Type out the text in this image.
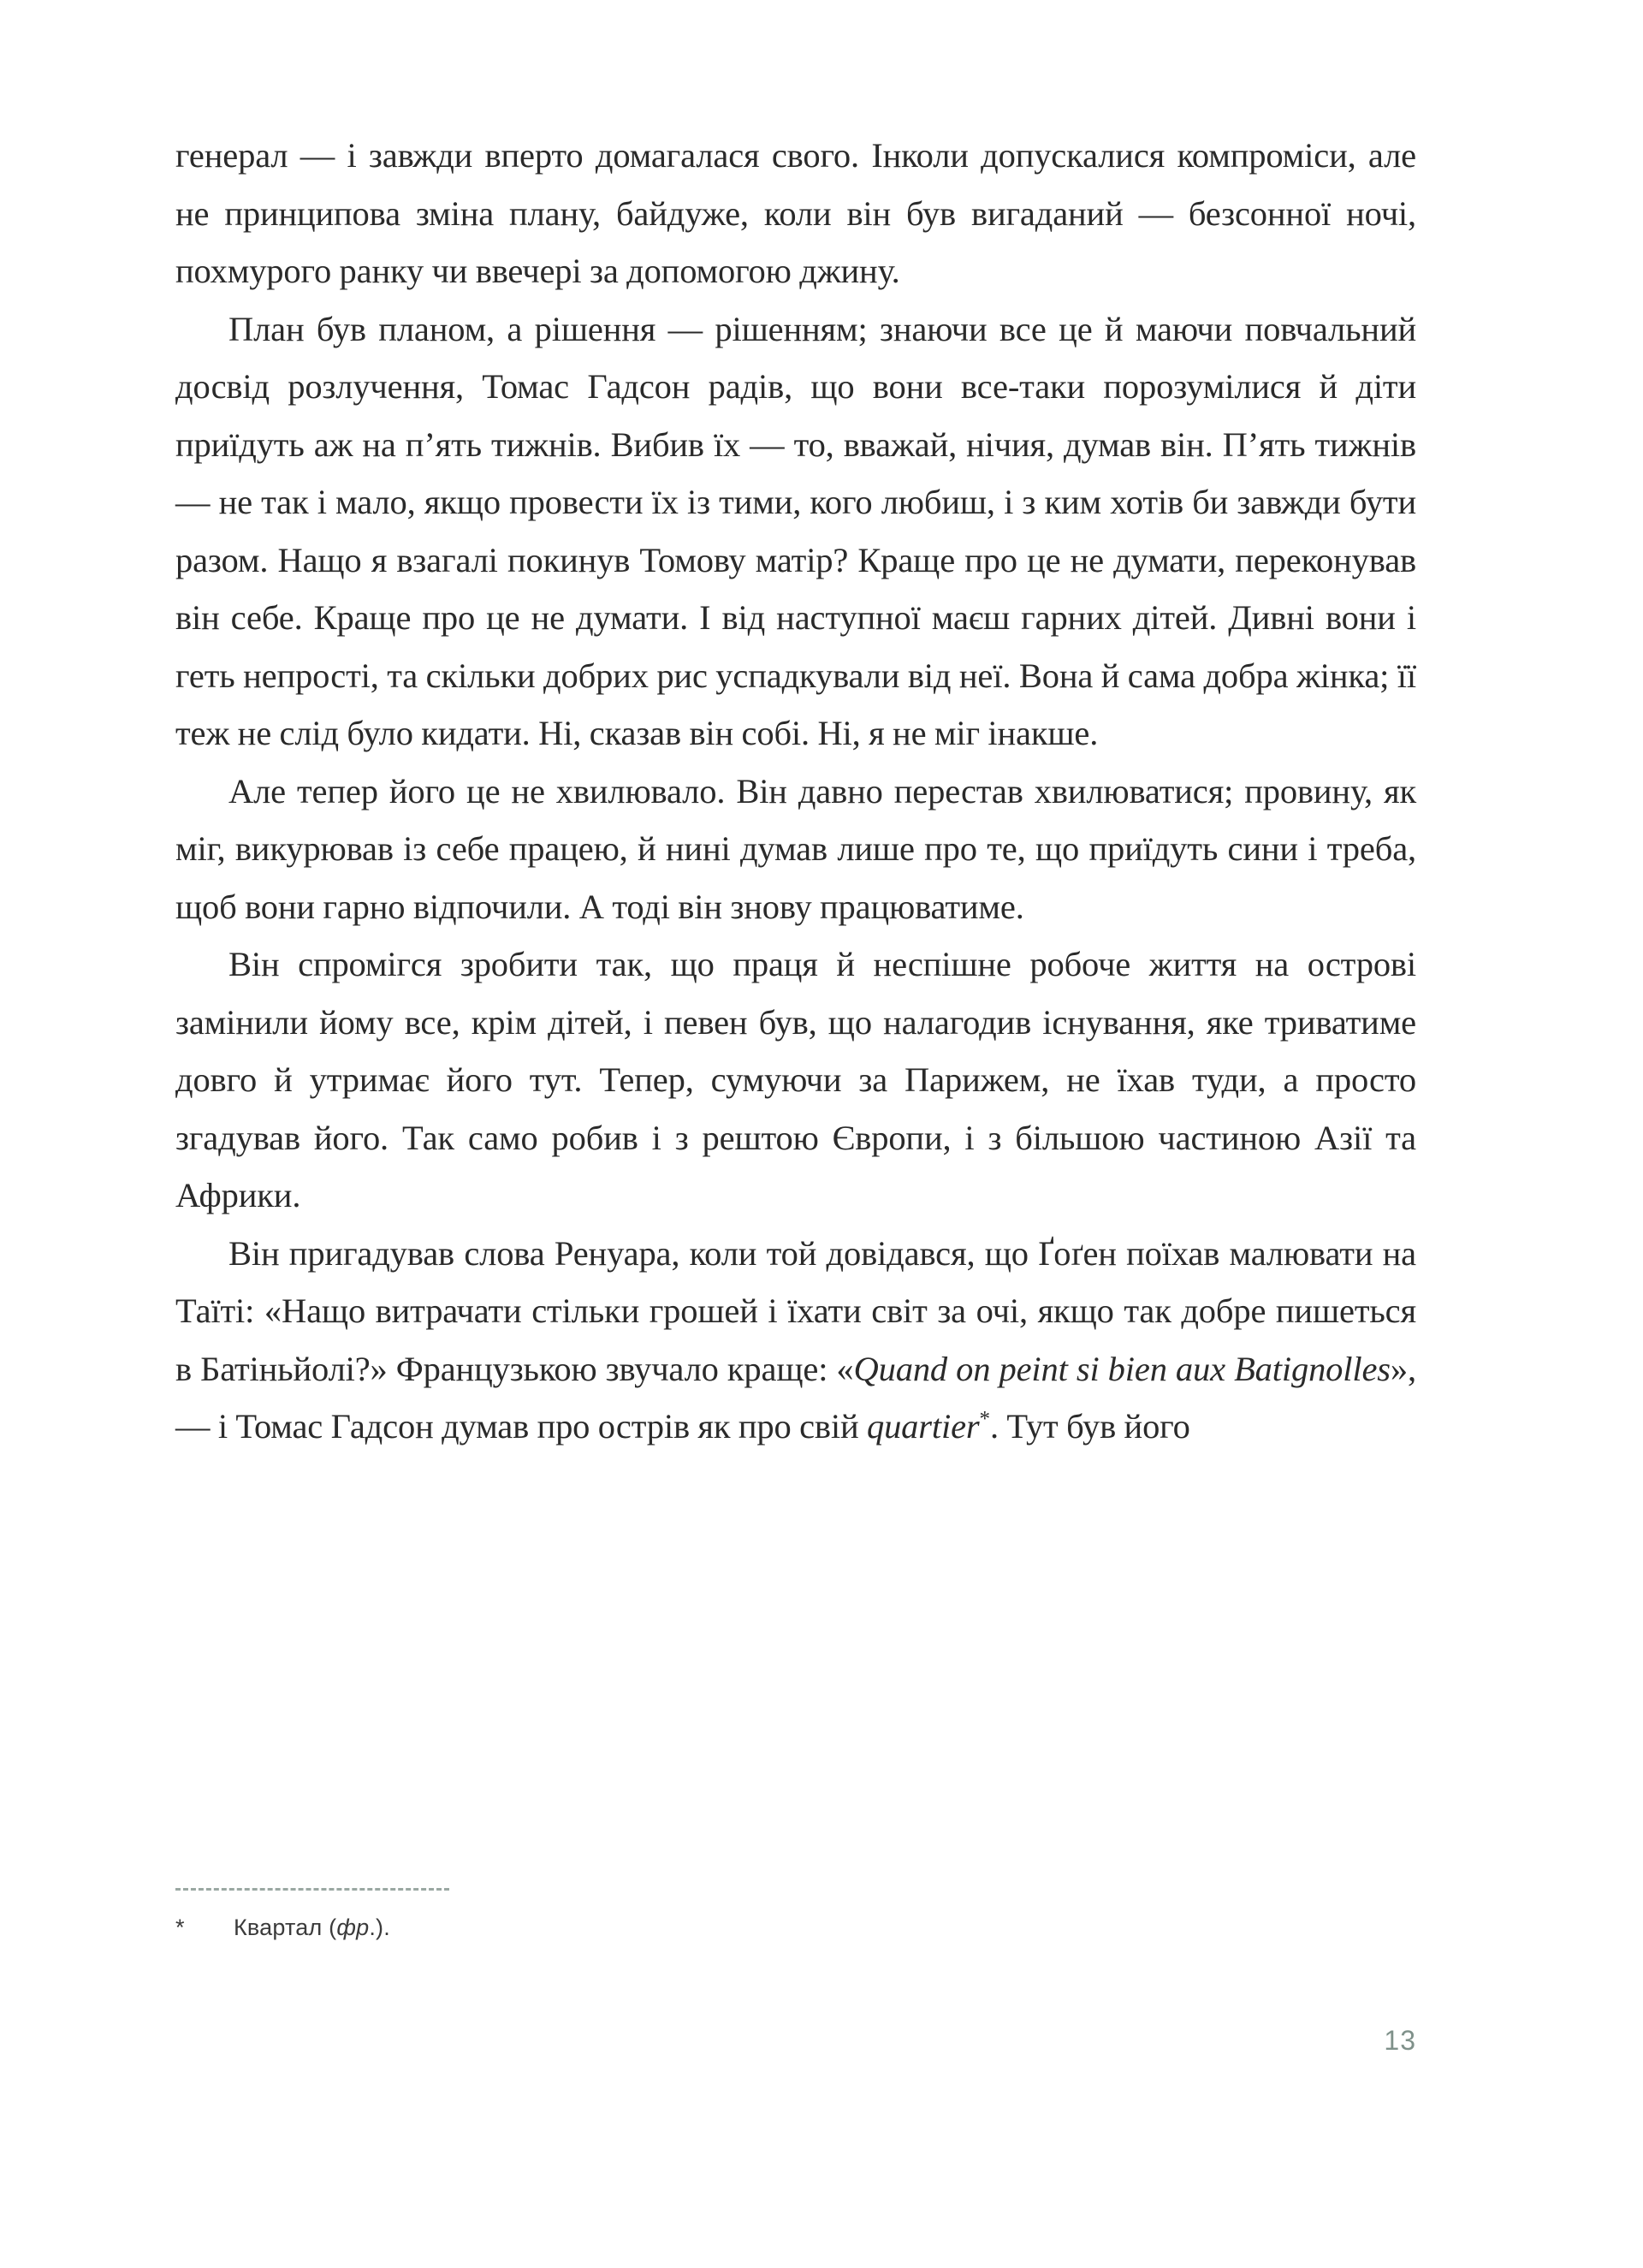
генерал — і завжди вперто домагалася свого. Інколи допускалися компроміси, але не принципова зміна плану, байдуже, коли він був вигаданий — безсонної ночі, похмурого ранку чи ввечері за допомогою джину.

План був планом, а рішення — рішенням; знаючи все це й маючи повчальний досвід розлучення, Томас Гадсон радів, що вони все-таки порозумілися й діти приїдуть аж на п’ять тижнів. Вибив їх — то, вважай, нічия, думав він. П’ять тижнів — не так і мало, якщо провести їх із тими, кого любиш, і з ким хотів би завжди бути разом. Нащо я взагалі покинув Томову матір? Краще про це не думати, переконував він себе. Краще про це не думати. І від наступної маєш гарних дітей. Дивні вони і геть непрості, та скільки добрих рис успадкували від неї. Вона й сама добра жінка; її теж не слід було кидати. Ні, сказав він собі. Ні, я не міг інакше.

Але тепер його це не хвилювало. Він давно перестав хвилюватися; провину, як міг, викурював із себе працею, й нині думав лише про те, що приїдуть сини і треба, щоб вони гарно відпочили. А тоді він знову працюватиме.

Він спромігся зробити так, що праця й неспішне робоче життя на острові замінили йому все, крім дітей, і певен був, що налагодив існування, яке триватиме довго й утримає його тут. Тепер, сумуючи за Парижем, не їхав туди, а просто згадував його. Так само робив і з рештою Європи, і з більшою частиною Азії та Африки.

Він пригадував слова Ренуара, коли той довідався, що Ґоґен поїхав малювати на Таїті: «Нащо витрачати стільки грошей і їхати світ за очі, якщо так добре пишеться в Батіньйолі?» Французькою звучало краще: «Quand on peint si bien aux Batignolles», — і Томас Гадсон думав про острів як про свій quartier*. Тут був його

*	Квартал (фр.).
13
